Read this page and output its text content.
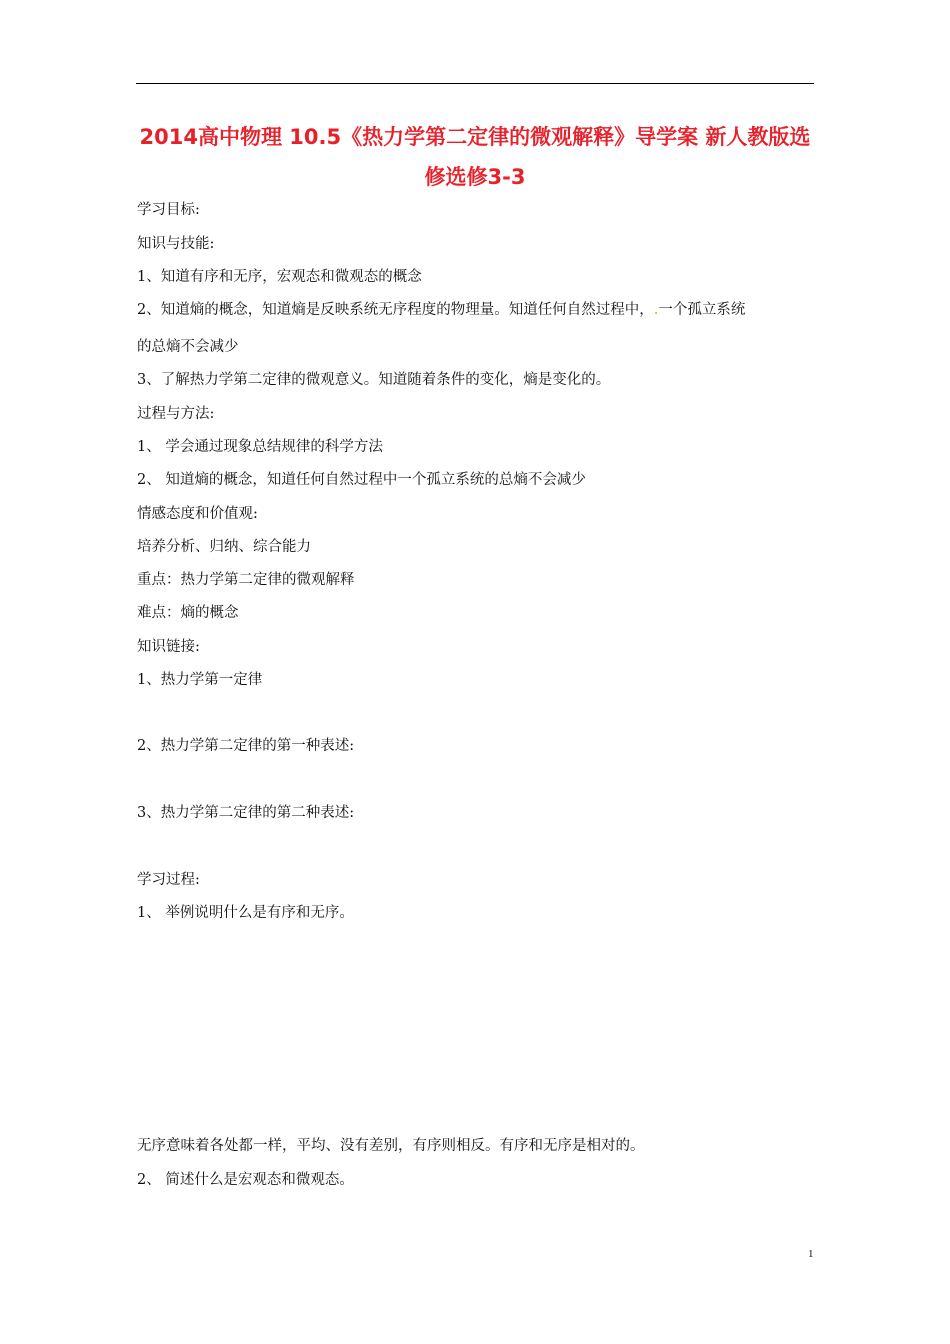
2014高中物理 10.5《热力学第二定律的微观解释》导学案 新人教版选
修选修3-3
学习目标:
知识与技能:
1、知道有序和无序，宏观态和微观态的概念
2、知道熵的概念，知道熵是反映系统无序程度的物理量。知道任何自然过程中，.一个孤立系统
的总熵不会减少
3、了解热力学第二定律的微观意义。知道随着条件的变化，熵是变化的。
过程与方法:
1、 学会通过现象总结规律的科学方法
2、 知道熵的概念，知道任何自然过程中一个孤立系统的总熵不会减少
情感态度和价值观:
培养分析、归纳、综合能力
重点：热力学第二定律的微观解释
难点：熵的概念
知识链接:
1、热力学第一定律
2、热力学第二定律的第一种表述:
3、热力学第二定律的第二种表述:
学习过程:
1、 举例说明什么是有序和无序。
无序意味着各处都一样，平均、没有差别，有序则相反。有序和无序是相对的。
2、 简述什么是宏观态和微观态。
1
